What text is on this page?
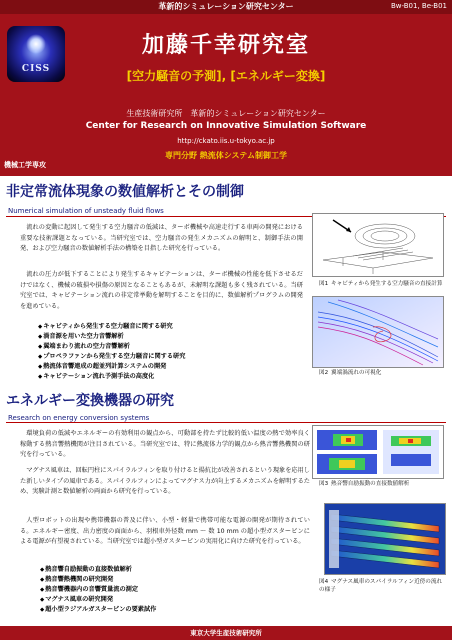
革新的シミュレーション研究センター	Bw-B01, Be-B01
CISS
加藤千幸研究室
[空力騒音の予測], [エネルギー変換]
生産技術研究所　革新的シミュレーション研究センター
Center for Research on Innovative Simulation Software
http://ckato.iis.u-tokyo.ac.jp
専門分野 熱流体システム制御工学
機械工学専攻
非定常流体現象の数値解析とその制御
Numerical simulation of unsteady fluid flows
流れの変動に起因して発生する空力騒音の低減は、ターボ機械や高速走行する車両の開発における重要な技術課題となっている。当研究室では、空力騒音の発生メカニズムの解明と、制御手法の開発、および空力騒音の数値解析手法の構築を目指した研究を行っている。
流れの圧力が低下することにより発生するキャビテーションは、ターボ機械の性能を低下させるだけではなく、機械の破損や損傷の原因となることもあるが、未解明な課題も多く残されている。当研究室では、キャビテーション流れの非定常挙動を解明することを目的に、数値解析プログラムの開発を進めている。
◆ キャビティから発生する空力騒音に関する研究
◆ 渦音源を用いた空力音響解析
◆ 翼端まわり流れの空力音響解析
◆ プロペラファンから発生する空力騒音に関する研究
◆ 熱流体音響連成の超並列計算システムの開発
◆ キャビテーション流れ予測手法の高度化
図1 キャビティから発生する空力騒音の直接計算
図2 翼端渦流れの可視化
エネルギー変換機器の研究
Research on energy conversion systems
環境負荷の低減やエネルギーの有効利用の観点から、可動部を持たず比較的低い温度の熱で効率良く稼動する熱音響熱機関が注目されている。当研究室では、特に熱流体力学的観点から熱音響熱機関の研究を行っている。
マグナス風車は、回転円柱にスパイラルフィンを取り付けると揚抗比が改善されるという現象を応用した新しいタイプの風車である。スパイラルフィンによってマグナス力が向上するメカニズムを解明するため、実験計測と数値解析の両面から研究を行っている。
人型ロボットの出現や携帯機器の普及に伴い、小型・軽量で携帯可能な電源の開発が期待されている。エネルギー密度、出力密度の面面から、羽根車外径数 mm ～ 数 10 mm の超小型ガスタービンによる電源が有望視されている。当研究室では超小型ガスタービンの実用化に向けた研究を行っている。
◆ 熱音響自励振動の直接数値解析
◆ 熱音響熱機関の研究開発
◆ 熱音響機器内の音響質量流の測定
◆ マグナス風車の研究開発
◆ 超小型ラジアルガスタービンの要素試作
図3 熱音響自励振動の直接数値解析
図4 マグナス風車のスパイラルフィン近傍の流れの様子
東京大学生産技術研究所
